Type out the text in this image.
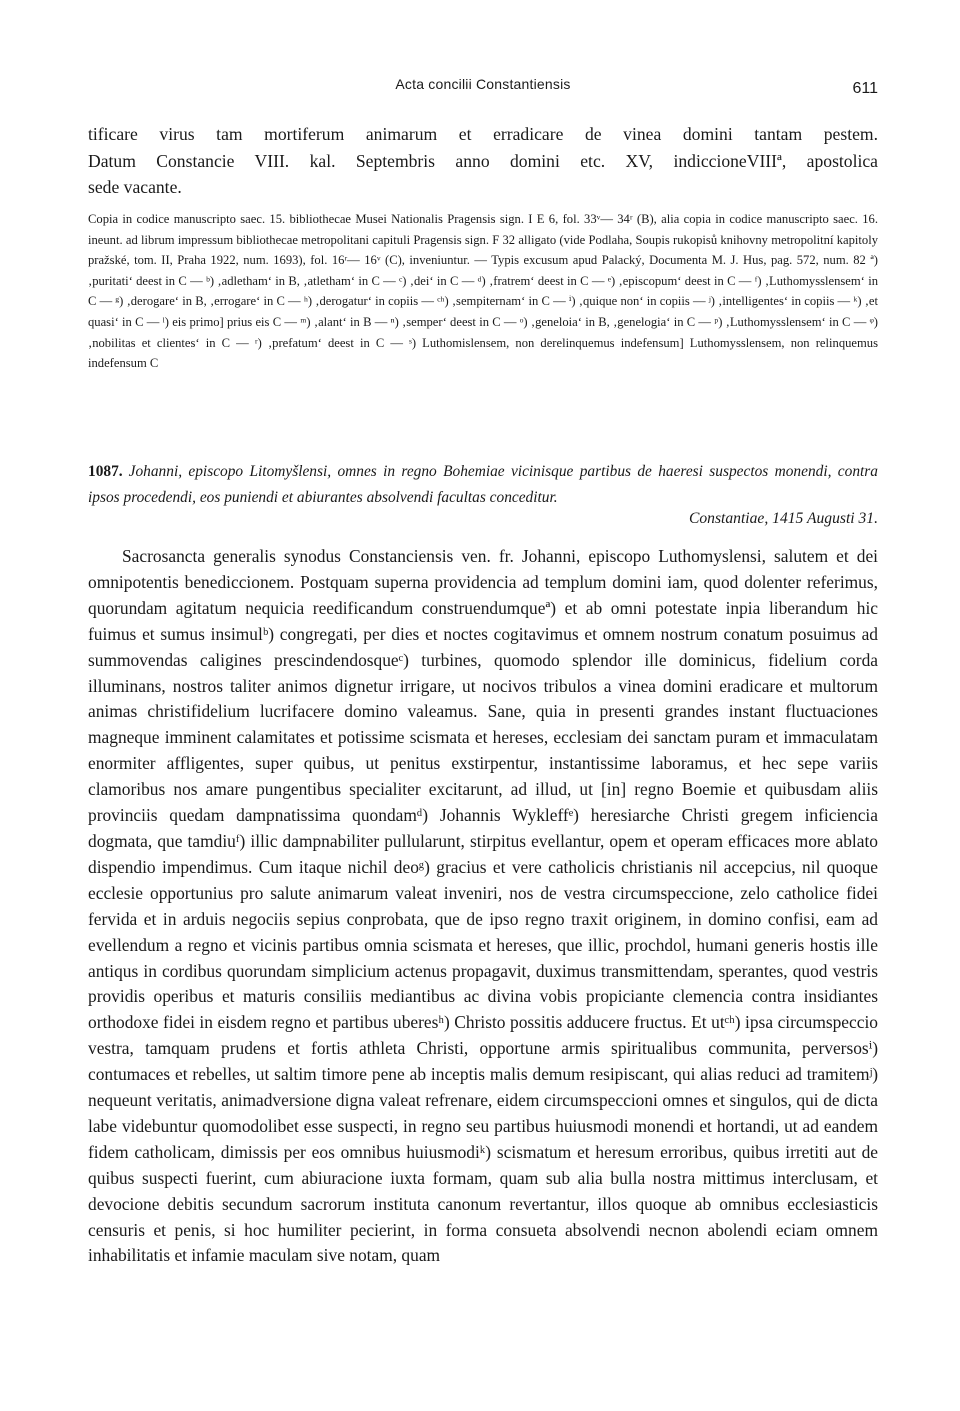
Acta concilii Constantiensis	611
tificare virus tam mortiferum animarum et erradicare de vinea domini tantam pestem.
Datum Constancie VIII. kal. Septembris anno domini etc. XV, indiccioneVIIIª, apostolica
sede vacante.

Copia in codice manuscripto saec. 15. bibliothecae Musei Nationalis Pragensis sign. I E 6, fol. 33ᵛ— 34ʳ (B), alia copia in codice manuscripto saec. 16. ineunt. ad librum impressum bibliothecae metropolitani capituli Pragensis sign. F 32 alligato (vide Podlaha, Soupis rukopisů knihovny metropolitní kapitoly pražské, tom. II, Praha 1922, num. 1693), fol. 16ʳ— 16ᵛ (C), inveniuntur. — Typis excusum apud Palacký, Documenta M. J. Hus, pag. 572, num. 82 ª) ‚puritati‘ deest in C — ᵇ) ‚adletham‘ in B, ‚atletham‘ in C — ᶜ) ‚dei‘ in C — ᵈ) ‚fratrem‘ deest in C — ᵉ) ‚episcopum‘ deest in C — ᶠ) ‚Luthomysslensem‘ in C — ᵍ) ‚derogare‘ in B, ‚errogare‘ in C — ʰ) ‚derogatur‘ in copiis — ᶜʰ) ‚sempiternam‘ in C — ⁱ) ‚quique non‘ in copiis — ʲ) ‚intelligentes‘ in copiis — ᵏ) ‚et quasi‘ in C — ˡ) eis primo] prius eis C — ᵐ) ‚alant‘ in B — ⁿ) ‚semper‘ deest in C — ᵒ) ‚geneloia‘ in B, ‚genelogia‘ in C — ᵖ) ‚Luthomysslensem‘ in C — ᵠ) ‚nobilitas et clientes‘ in C — ʳ) ‚prefatum‘ deest in C — ˢ) Luthomislensem, non derelinquemus indefensum] Luthomysslensem, non relinquemus indefensum C

1087. Johanni, episcopo Litomyšlensi, omnes in regno Bohemiae vicinisque partibus de haeresi suspectos monendi, contra ipsos procedendi, eos puniendi et abiurantes absolvendi facultas conceditur.

Constantiae, 1415 Augusti 31.

Sacrosancta generalis synodus Constanciensis ven. fr. Johanni, episcopo Luthomyslensi, salutem et dei omnipotentis benediccionem. Postquam superna providencia ad templum domini iam, quod dolenter referimus, quorundam agitatum nequicia reedificandum construendumqueª) et ab omni potestate inpia liberandum hic fuimus et sumus insimulᵇ) congregati, per dies et noctes cogitavimus et omnem nostrum conatum posuimus ad summovendas caligines prescindendosqueᶜ) turbines, quomodo splendor ille dominicus, fidelium corda illuminans, nostros taliter animos dignetur irrigare, ut nocivos tribulos a vinea domini eradicare et multorum animas christifidelium lucrifacere domino valeamus. Sane, quia in presenti grandes instant fluctuaciones magneque imminent calamitates et potissime scismata et hereses, ecclesiam dei sanctam puram et immaculatam enormiter affligentes, super quibus, ut penitus exstirpentur, instantissime laboramus, et hec sepe variis clamoribus nos amare pungentibus specialiter excitarunt, ad illud, ut [in] regno Boemie et quibusdam aliis provinciis quedam dampnatissima quondamᵈ) Johannis Wykleffᵉ) heresiarche Christi gregem inficiencia dogmata, que tamdiuᶠ) illic dampnabiliter pullularunt, stirpitus evellantur, opem et operam efficaces more ablato dispendio impendimus. Cum itaque nichil deoᵍ) gracius et vere catholicis christianis nil accepcius, nil quoque ecclesie opportunius pro salute animarum valeat inveniri, nos de vestra circumspeccione, zelo catholice fidei fervida et in arduis negociis sepius conprobata, que de ipso regno traxit originem, in domino confisi, eam ad evellendum a regno et vicinis partibus omnia scismata et hereses, que illic, prochdol, humani generis hostis ille antiqus in cordibus quorundam simplicium actenus propagavit, duximus transmittendam, sperantes, quod vestris providis operibus et maturis consiliis mediantibus ac divina vobis propiciante clemencia contra insidiantes orthodoxe fidei in eisdem regno et partibus uberesʰ) Christo possitis adducere fructus. Et utᶜʰ) ipsa circumspeccio vestra, tamquam prudens et fortis athleta Christi, opportune armis spiritualibus communita, perversosⁱ) contumaces et rebelles, ut saltim timore pene ab inceptis malis demum resipiscant, qui alias reduci ad tramitemʲ) nequeunt veritatis, animadversione digna valeat refrenare, eidem circumspeccioni omnes et singulos, qui de dicta labe videbuntur quomodolibet esse suspecti, in regno seu partibus huiusmodi monendi et hortandi, ut ad eandem fidem catholicam, dimissis per eos omnibus huiusmodiᵏ) scismatum et heresum erroribus, quibus irretiti aut de quibus suspecti fuerint, cum abiuracione iuxta formam, quam sub alia bulla nostra mittimus interclusam, et devocione debitis secundum sacrorum instituta canonum revertantur, illos quoque ab omnibus ecclesiasticis censuris et penis, si hoc humiliter pecierint, in forma consueta absolvendi necnon abolendi eciam omnem inhabilitatis et infamie maculam sive notam, quam
